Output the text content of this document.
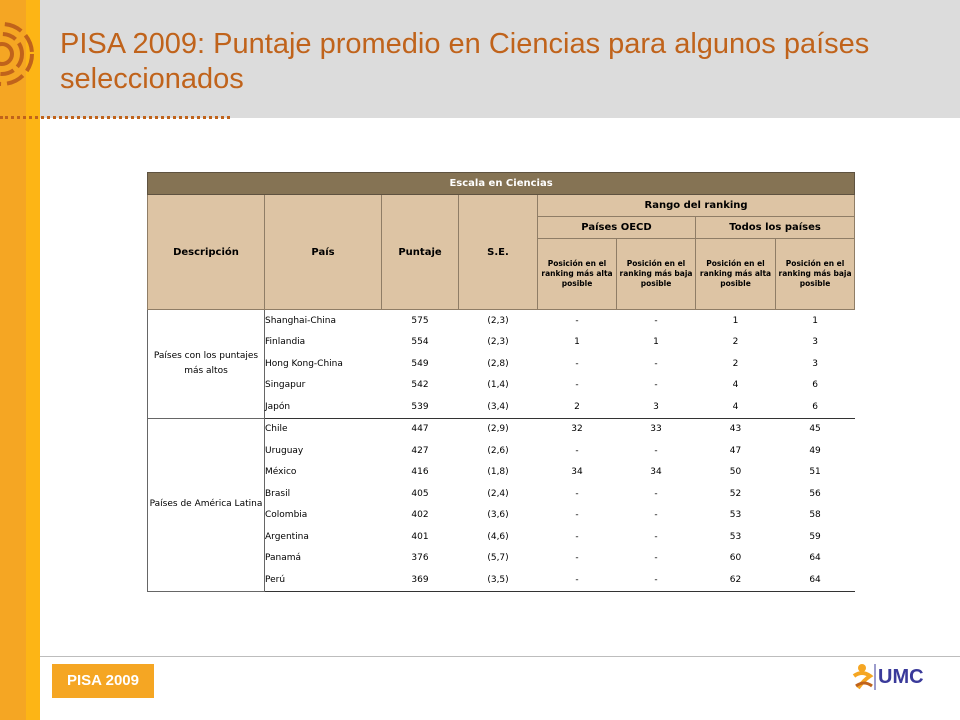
PISA 2009: Puntaje promedio en Ciencias para algunos países seleccionados
Escala en Ciencias							
Descripción	País	Puntaje	S.E.	Rango del ranking			
				Países OECD		Todos los países	
				Posición en el ranking más alta posible	Posición en el ranking más baja posible	Posición en el ranking más alta posible	Posición en el ranking más baja posible
Países con los puntajes más altos	Shanghai-China	575	(2,3)	-	-	1	1
	Finlandia	554	(2,3)	1	1	2	3
	Hong Kong-China	549	(2,8)	-	-	2	3
	Singapur	542	(1,4)	-	-	4	6
	Japón	539	(3,4)	2	3	4	6
Países de América Latina	Chile	447	(2,9)	32	33	43	45
	Uruguay	427	(2,6)	-	-	47	49
	México	416	(1,8)	34	34	50	51
	Brasil	405	(2,4)	-	-	52	56
	Colombia	402	(3,6)	-	-	53	58
	Argentina	401	(4,6)	-	-	53	59
	Panamá	376	(5,7)	-	-	60	64
	Perú	369	(3,5)	-	-	62	64
PISA 2009	UMC
